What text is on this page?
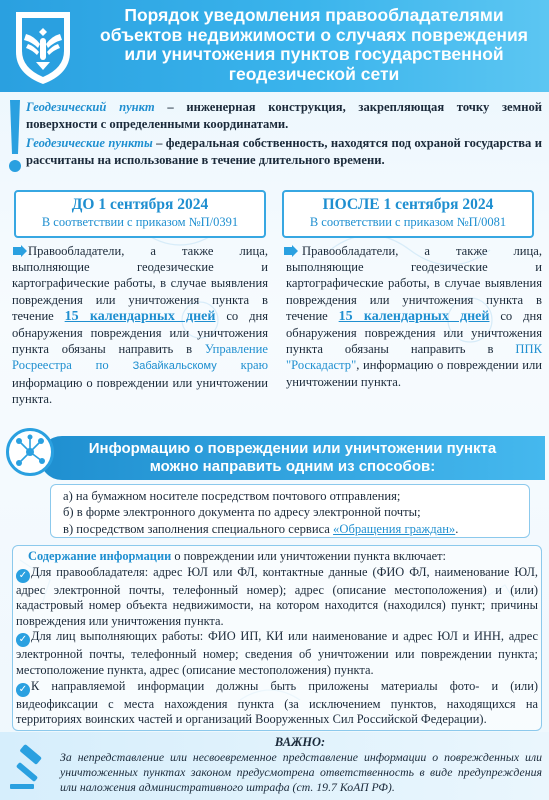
Порядок уведомления правообладателями объектов недвижимости о случаях повреждения или уничтожения пунктов государственной геодезической сети
Геодезический пункт – инженерная конструкция, закрепляющая точку земной поверхности с определенными координатами.
Геодезические пункты – федеральная собственность, находятся под охраной государства и рассчитаны на использование в течение длительного времени.
ДО 1 сентября 2024
В соответствии с приказом №П/0391
ПОСЛЕ 1 сентября 2024
В соответствии с приказом №П/0081
Правообладатели, а также лица, выполняющие геодезические и картографические работы, в случае выявления повреждения или уничтожения пункта в течение 15 календарных дней со дня обнаружения повреждения или уничтожения пункта обязаны направить в Управление Росреестра по Забайкальскому краю информацию о повреждении или уничтожении пункта.
Правообладатели, а также лица, выполняющие геодезические и картографические работы, в случае выявления повреждения или уничтожения пункта в течение 15 календарных дней со дня обнаружения повреждения или уничтожения пункта обязаны направить в ППК "Роскадастр", информацию о повреждении или уничтожении пункта.
Информацию о повреждении или уничтожении пункта
можно направить одним из способов:
а) на бумажном носителе посредством почтового отправления;
б) в форме электронного документа по адресу электронной почты;
в) посредством заполнения специального сервиса «Обращения граждан».
Содержание информации о повреждении или уничтожении пункта включает:
✓ Для правообладателя: адрес ЮЛ или ФЛ, контактные данные (ФИО ФЛ, наименование ЮЛ, адрес электронной почты, телефонный номер); адрес (описание местоположения) и (или) кадастровый номер объекта недвижимости, на котором находится (находился) пункт; причины повреждения или уничтожения пункта.
✓ Для лиц выполняющих работы: ФИО ИП, КИ или наименование и адрес ЮЛ и ИНН, адрес электронной почты, телефонный номер; сведения об уничтожении или повреждении пункта; местоположение пункта, адрес (описание местоположения) пункта.
✓ К направляемой информации должны быть приложены материалы фото- и (или) видеофиксации с места нахождения пункта (за исключением пунктов, находящихся на территориях воинских частей и организаций Вооруженных Сил Российской Федерации).
ВАЖНО:
За непредставление или несвоевременное представление информации о поврежденных или уничтоженных пунктах законом предусмотрена ответственность в виде предупреждения или наложения административного штрафа (ст. 19.7 КоАП РФ).
